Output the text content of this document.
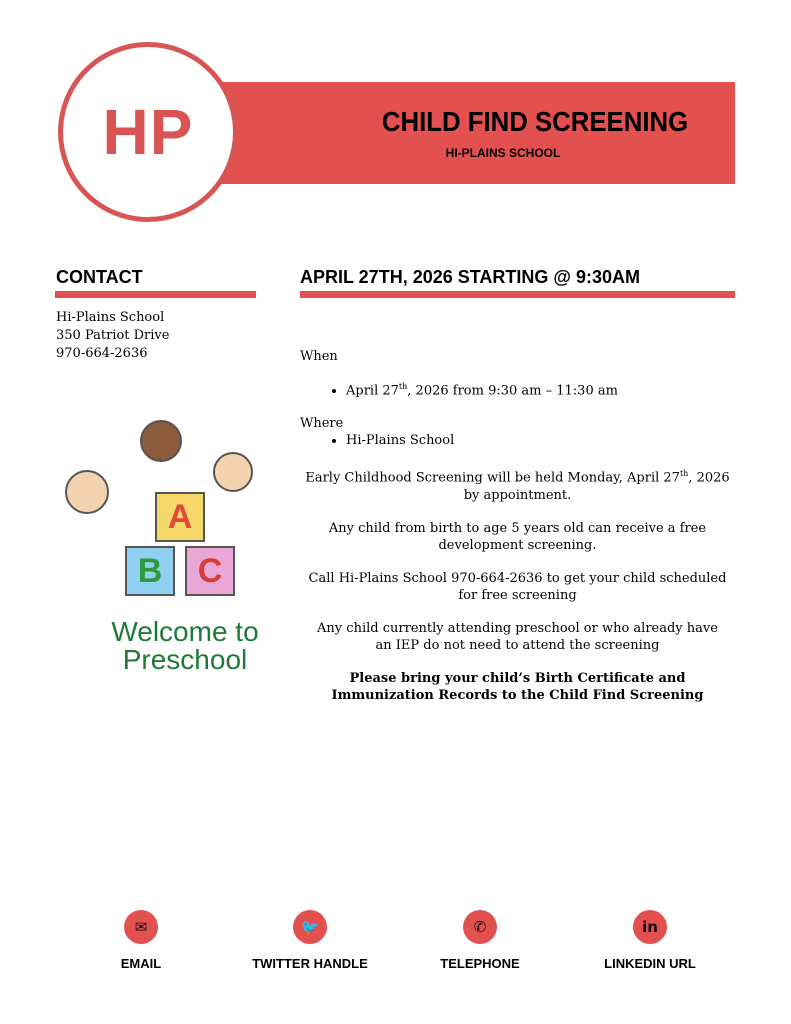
HP	CHILD FIND SCREENING
HI-PLAINS SCHOOL
CONTACT	APRIL 27TH, 2026 STARTING @ 9:30AM
Hi-Plains School
350 Patriot Drive
970-664-2636
A
B	C
Welcome to
Preschool

When

• April 27th, 2026 from 9:30 am – 11:30 am

Where

• Hi-Plains School

Early Childhood Screening will be held Monday, April 27th, 2026 by appointment.

Any child from birth to age 5 years old can receive a free development screening.

Call Hi-Plains School 970-664-2636 to get your child scheduled for free screening

Any child currently attending preschool or who already have an IEP do not need to attend the screening

Please bring your child’s Birth Certificate and Immunization Records to the Child Find Screening

✉
EMAIL
🐦
TWITTER HANDLE
✆
TELEPHONE
in
LINKEDIN URL
